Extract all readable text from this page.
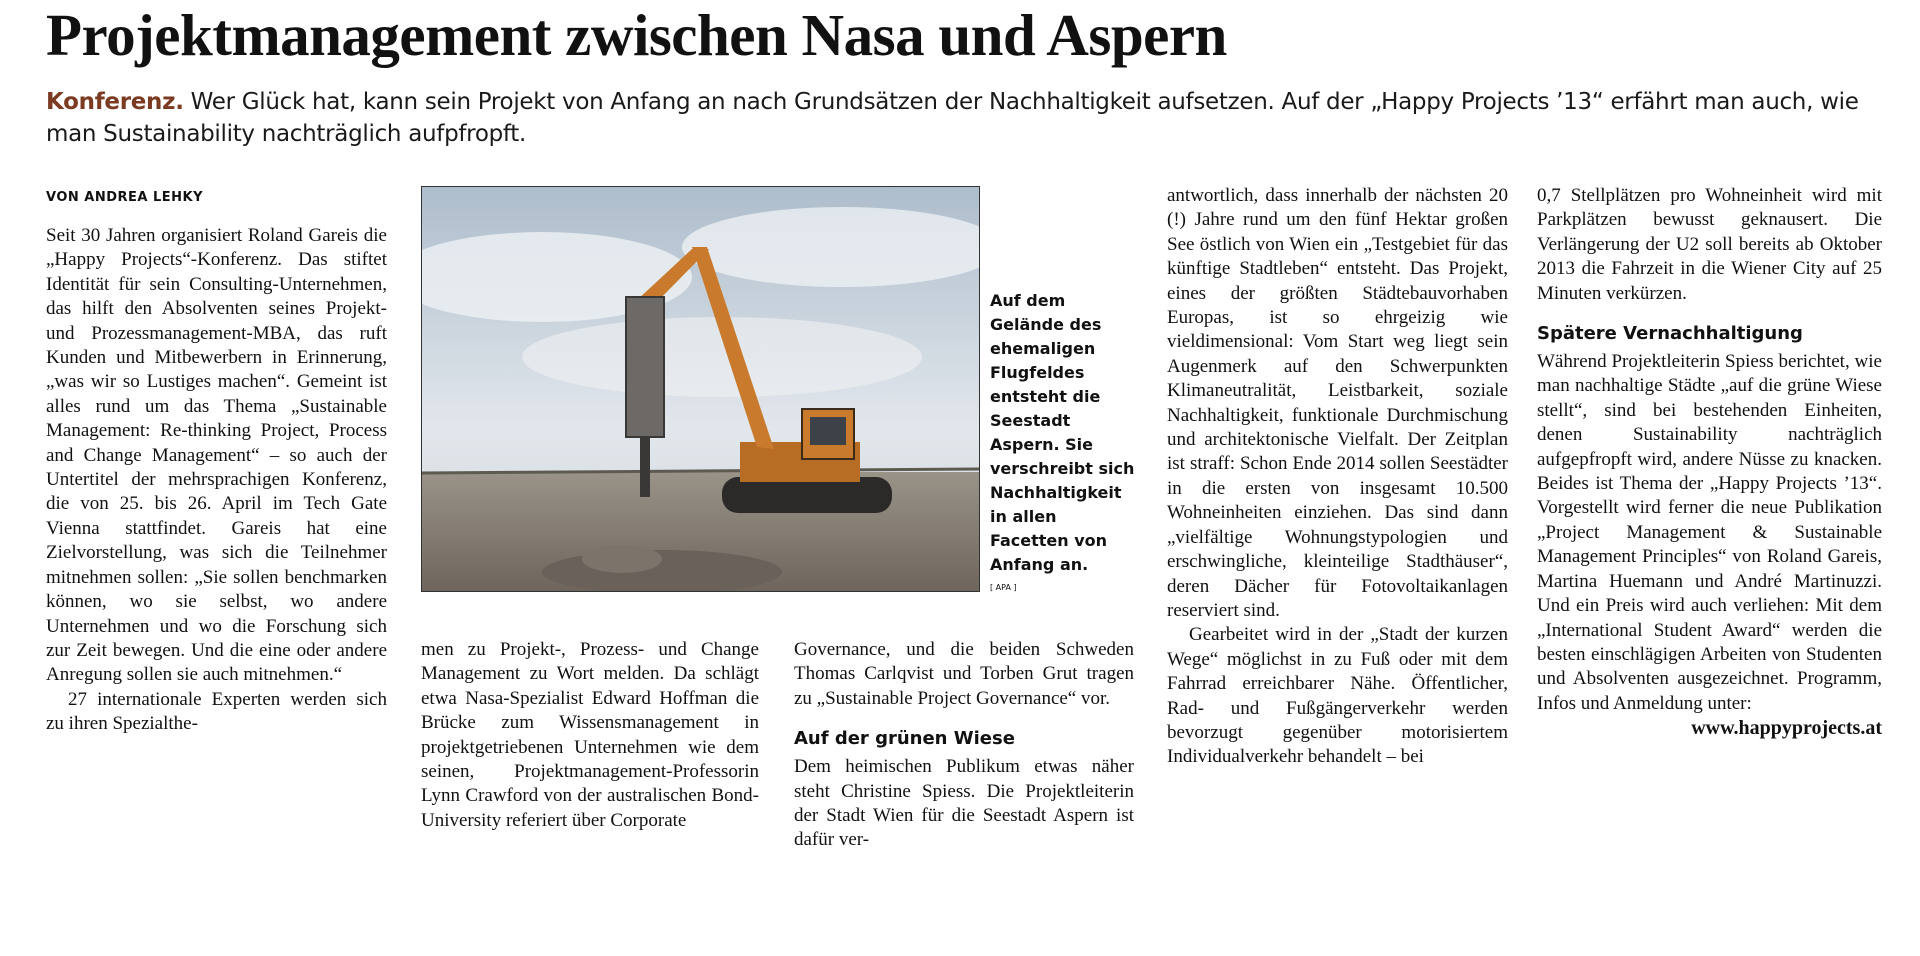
Projektmanagement zwischen Nasa und Aspern
Konferenz. Wer Glück hat, kann sein Projekt von Anfang an nach Grundsätzen der Nachhaltigkeit aufsetzen. Auf der „Happy Projects ’13“ erfährt man auch, wie man Sustainability nachträglich aufpfropft.
VON ANDREA LEHKY

Seit 30 Jahren organisiert Roland Gareis die „Happy Projects“-Konferenz. Das stiftet Identität für sein Consulting-Unternehmen, das hilft den Absolventen seines Projekt- und Prozessmanagement-MBA, das ruft Kunden und Mitbewerbern in Erinnerung, „was wir so Lustiges machen“. Gemeint ist alles rund um das Thema „Sustainable Management: Re-thinking Project, Process and Change Management“ – so auch der Untertitel der mehrsprachigen Konferenz, die von 25. bis 26. April im Tech Gate Vienna stattfindet. Gareis hat eine Zielvorstellung, was sich die Teilnehmer mitnehmen sollen: „Sie sollen benchmarken können, wo sie selbst, wo andere Unternehmen und wo die Forschung sich zur Zeit bewegen. Und die eine oder andere Anregung sollen sie auch mitnehmen.“

27 internationale Experten werden sich zu ihren Spezialthe-

Auf dem Gelände des ehemaligen Flugfeldes entsteht die Seestadt Aspern. Sie verschreibt sich Nachhaltigkeit in allen Facetten von Anfang an.
[ APA ]

men zu Projekt-, Prozess- und Change Management zu Wort melden. Da schlägt etwa Nasa-Spezialist Edward Hoffman die Brücke zum Wissensmanagement in projektgetriebenen Unternehmen wie dem seinen, Projektmanagement-Professorin Lynn Crawford von der australischen Bond-University referiert über Corporate

Governance, und die beiden Schweden Thomas Carlqvist und Torben Grut tragen zu „Sustainable Project Governance“ vor.

Auf der grünen Wiese

Dem heimischen Publikum etwas näher steht Christine Spiess. Die Projektleiterin der Stadt Wien für die Seestadt Aspern ist dafür ver-

antwortlich, dass innerhalb der nächsten 20 (!) Jahre rund um den fünf Hektar großen See östlich von Wien ein „Testgebiet für das künftige Stadtleben“ entsteht. Das Projekt, eines der größten Städtebauvorhaben Europas, ist so ehrgeizig wie vieldimensional: Vom Start weg liegt sein Augenmerk auf den Schwerpunkten Klimaneutralität, Leistbarkeit, soziale Nachhaltigkeit, funktionale Durchmischung und architektonische Vielfalt. Der Zeitplan ist straff: Schon Ende 2014 sollen Seestädter in die ersten von insgesamt 10.500 Wohneinheiten einziehen. Das sind dann „vielfältige Wohnungstypologien und erschwingliche, kleinteilige Stadthäuser“, deren Dächer für Fotovoltaikanlagen reserviert sind.

Gearbeitet wird in der „Stadt der kurzen Wege“ möglichst in zu Fuß oder mit dem Fahrrad erreichbarer Nähe. Öffentlicher, Rad- und Fußgängerverkehr werden bevorzugt gegenüber motorisiertem Individualverkehr behandelt – bei

0,7 Stellplätzen pro Wohneinheit wird mit Parkplätzen bewusst geknausert. Die Verlängerung der U2 soll bereits ab Oktober 2013 die Fahrzeit in die Wiener City auf 25 Minuten verkürzen.

Spätere Vernachhaltigung

Während Projektleiterin Spiess berichtet, wie man nachhaltige Städte „auf die grüne Wiese stellt“, sind bei bestehenden Einheiten, denen Sustainability nachträglich aufgepfropft wird, andere Nüsse zu knacken. Beides ist Thema der „Happy Projects ’13“. Vorgestellt wird ferner die neue Publikation „Project Management & Sustainable Management Principles“ von Roland Gareis, Martina Huemann und André Martinuzzi. Und ein Preis wird auch verliehen: Mit dem „International Student Award“ werden die besten einschlägigen Arbeiten von Studenten und Absolventen ausgezeichnet. Programm, Infos und Anmeldung unter:

www.happyprojects.at
